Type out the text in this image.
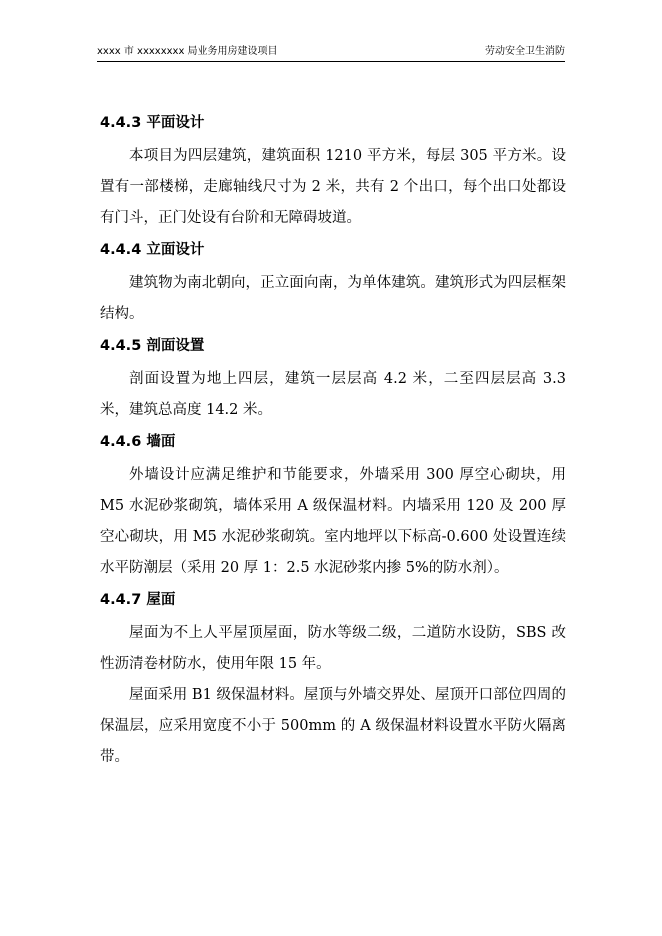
xxxx 市 xxxxxxxx 局业务用房建设项目	劳动安全卫生消防
4.4.3 平面设计

本项目为四层建筑，建筑面积 1210 平方米，每层 305 平方米。设置有一部楼梯，走廊轴线尺寸为 2 米，共有 2 个出口，每个出口处都设有门斗，正门处设有台阶和无障碍坡道。

4.4.4 立面设计

建筑物为南北朝向，正立面向南，为单体建筑。建筑形式为四层框架结构。

4.4.5 剖面设置

剖面设置为地上四层，建筑一层层高 4.2 米，二至四层层高 3.3 米，建筑总高度 14.2 米。

4.4.6 墙面

外墙设计应满足维护和节能要求，外墙采用 300 厚空心砌块，用 M5 水泥砂浆砌筑，墙体采用 A 级保温材料。内墙采用 120 及 200 厚空心砌块，用 M5 水泥砂浆砌筑。室内地坪以下标高-0.600 处设置连续水平防潮层（采用 20 厚 1：2.5 水泥砂浆内掺 5%的防水剂）。

4.4.7 屋面

屋面为不上人平屋顶屋面，防水等级二级，二道防水设防，SBS 改性沥清卷材防水，使用年限 15 年。

屋面采用 B1 级保温材料。屋顶与外墙交界处、屋顶开口部位四周的保温层，应采用宽度不小于 500mm 的 A 级保温材料设置水平防火隔离带。
